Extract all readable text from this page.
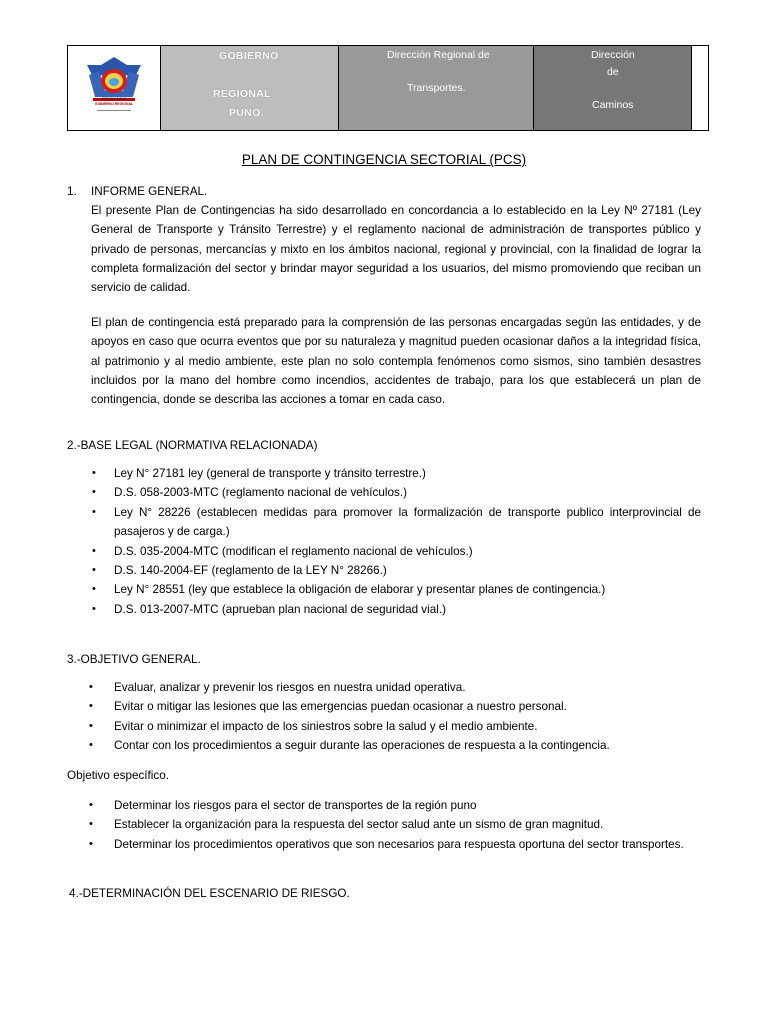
REGION PUNO
GOBIERNO REGIONAL
GOBIERNO
REGIONAL
PUNO.
Dirección Regional de
Transportes.
Dirección
de
Caminos
PLAN DE CONTINGENCIA SECTORIAL (PCS)
1. INFORME GENERAL.
El presente Plan de Contingencias ha sido desarrollado en concordancia a lo establecido en la Ley Nº 27181 (Ley General de Transporte y Tránsito Terrestre) y el reglamento nacional de administración de transportes público y privado de personas, mercancías y mixto en los ámbitos nacional, regional y provincial, con la finalidad de lograr la completa formalización del sector y brindar mayor seguridad a los usuarios, del mismo promoviendo que reciban un servicio de calidad.
El plan de contingencia está preparado para la comprensión de las personas encargadas según las entidades, y de apoyos en caso que ocurra eventos que por su naturaleza y magnitud pueden ocasionar daños a la integridad física, al patrimonio y al medio ambiente, este plan no solo contempla fenómenos como sismos, sino también desastres incluidos por la mano del hombre como incendios, accidentes de trabajo, para los que establecerá un plan de contingencia, donde se describa las acciones a tomar en cada caso.
2.-BASE LEGAL (NORMATIVA RELACIONADA)
• Ley N° 27181 ley (general de transporte y tránsito terrestre.)
• D.S. 058-2003-MTC (reglamento nacional de vehículos.)
• Ley N° 28226 (establecen medidas para promover la formalización de transporte publico interprovincial de pasajeros y de carga.)
• D.S. 035-2004-MTC (modifican el reglamento nacional de vehículos.)
• D.S. 140-2004-EF (reglamento de la LEY N° 28266.)
• Ley N° 28551 (ley que establece la obligación de elaborar y presentar planes de contingencia.)
• D.S. 013-2007-MTC (aprueban plan nacional de seguridad vial.)
3.-OBJETIVO GENERAL.
• Evaluar, analizar y prevenir los riesgos en nuestra unidad operativa.
• Evitar o mitigar las lesiones que las emergencias puedan ocasionar a nuestro personal.
• Evitar o minimizar el impacto de los siniestros sobre la salud y el medio ambiente.
• Contar con los procedimientos a seguir durante las operaciones de respuesta a la contingencia.
Objetivo específico.
• Determinar los riesgos para el sector de transportes de la región puno
• Establecer la organización para la respuesta del sector salud ante un sismo de gran magnitud.
• Determinar los procedimientos operativos que son necesarios para respuesta oportuna del sector transportes.
4.-DETERMINACIÓN DEL ESCENARIO DE RIESGO.
